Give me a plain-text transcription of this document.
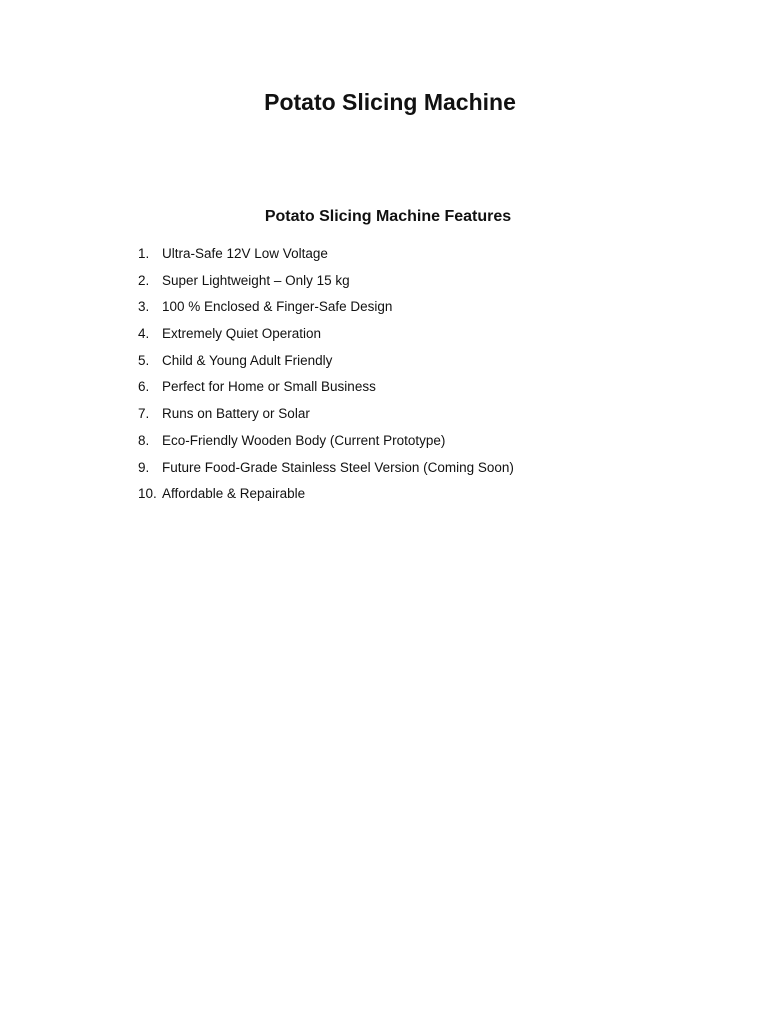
Potato Slicing Machine
Potato Slicing Machine Features
1. Ultra-Safe 12V Low Voltage
2. Super Lightweight – Only 15 kg
3. 100 % Enclosed & Finger-Safe Design
4. Extremely Quiet Operation
5. Child & Young Adult Friendly
6. Perfect for Home or Small Business
7. Runs on Battery or Solar
8. Eco-Friendly Wooden Body (Current Prototype)
9. Future Food-Grade Stainless Steel Version (Coming Soon)
10. Affordable & Repairable
